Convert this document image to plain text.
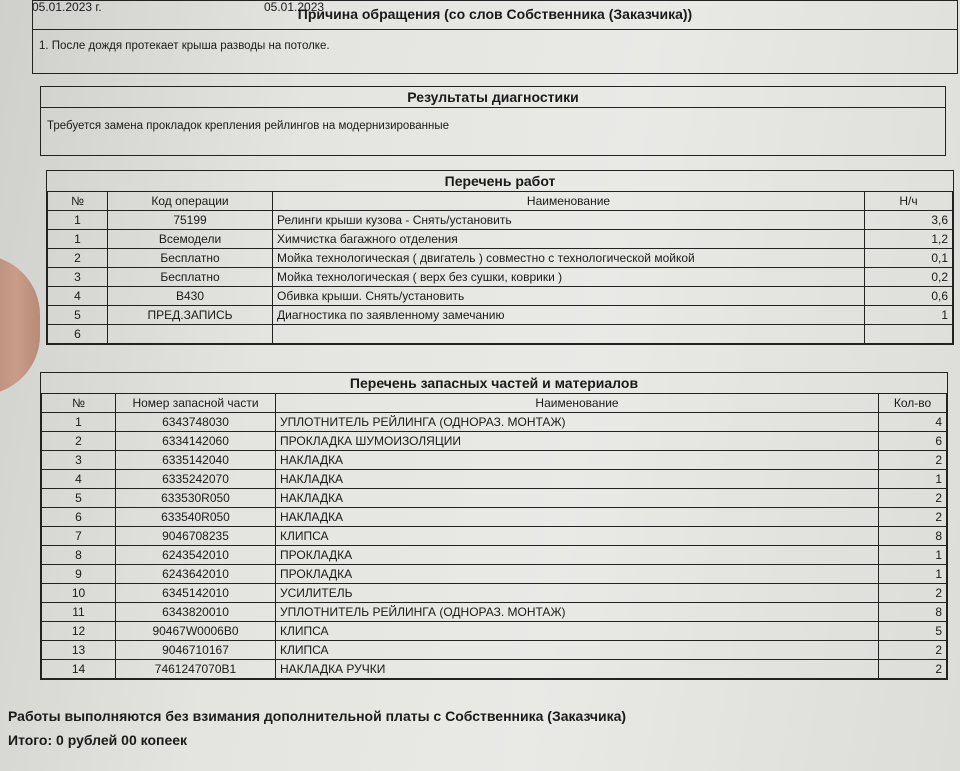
05.01.2023 г.	05.01.2023
Причина обращения (со слов Собственника (Заказчика))
1. После дождя протекает крыша разводы на потолке.
Результаты диагностики
Требуется замена прокладок крепления рейлингов на модернизированные
Перечень работ
№	Код операции	Наименование	Н/ч
1	75199	Релинги крыши кузова - Снять/установить	3,6
1	Всемодели	Химчистка багажного отделения	1,2
2	Бесплатно	Мойка технологическая ( двигатель ) совместно с технологической мойкой	0,1
3	Бесплатно	Мойка технологическая ( верх без сушки, коврики )	0,2
4	В430	Обивка крыши. Снять/установить	0,6
5	ПРЕД.ЗАПИСЬ	Диагностика по заявленному замечанию	1
6			
Перечень запасных частей и материалов
№	Номер запасной части	Наименование	Кол-во
1	6343748030	УПЛОТНИТЕЛЬ РЕЙЛИНГА (ОДНОРАЗ. МОНТАЖ)	4
2	6334142060	ПРОКЛАДКА ШУМОИЗОЛЯЦИИ	6
3	6335142040	НАКЛАДКА	2
4	6335242070	НАКЛАДКА	1
5	633530R050	НАКЛАДКА	2
6	633540R050	НАКЛАДКА	2
7	9046708235	КЛИПСА	8
8	6243542010	ПРОКЛАДКА	1
9	6243642010	ПРОКЛАДКА	1
10	6345142010	УСИЛИТЕЛЬ	2
11	6343820010	УПЛОТНИТЕЛЬ РЕЙЛИНГА (ОДНОРАЗ. МОНТАЖ)	8
12	90467W0006B0	КЛИПСА	5
13	9046710167	КЛИПСА	2
14	7461247070B1	НАКЛАДКА РУЧКИ	2
Работы выполняются без взимания дополнительной платы с Собственника (Заказчика)
Итого: 0 рублей 00 копеек
